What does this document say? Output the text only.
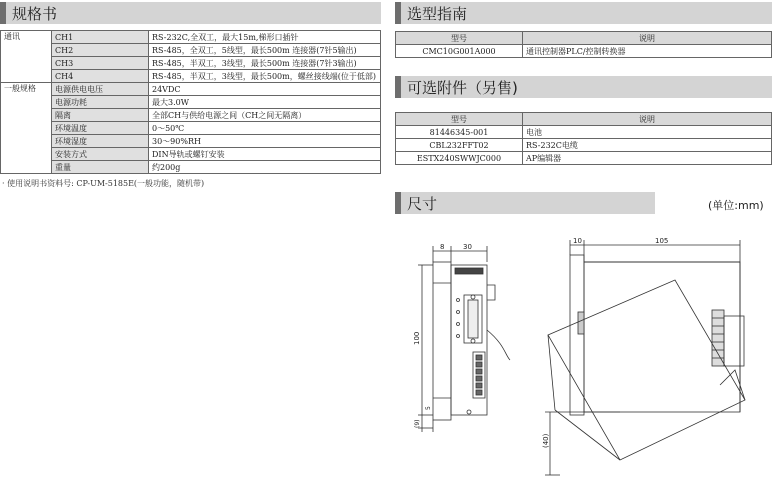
规格书
通讯	CH1	RS-232C,全双工，最大15m,梯形口插针
	CH2	RS-485，全双工，5线型，最长500m 连接器(7针5输出)
	CH3	RS-485，半双工，3线型，最长500m 连接器(7针3输出)
	CH4	RS-485，半双工，3线型，最长500m，螺丝接线端(位于低部)
一般规格	电源供电电压	24VDC
	电源功耗	最大3.0W
	隔离	全部CH与供给电源之间（CH之间无隔离）
	环境温度	0～50℃
	环境湿度	30～90%RH
	安装方式	DIN导轨或螺钉安装
	重量	约200g
· 使用说明书资料号: CP-UM-5185E(一般功能，随机带)
选型指南
型号	说明
CMC10G001A000	通讯控制器PLC/控制转换器
可选附件（另售)
型号	说明
81446345-001	电池
CBL232FFT02	RS-232C电缆
ESTX240SWWJC000	AP编辑器
尺寸	(单位:mm)
8	30
100
5
(9)
10	105
(40)
